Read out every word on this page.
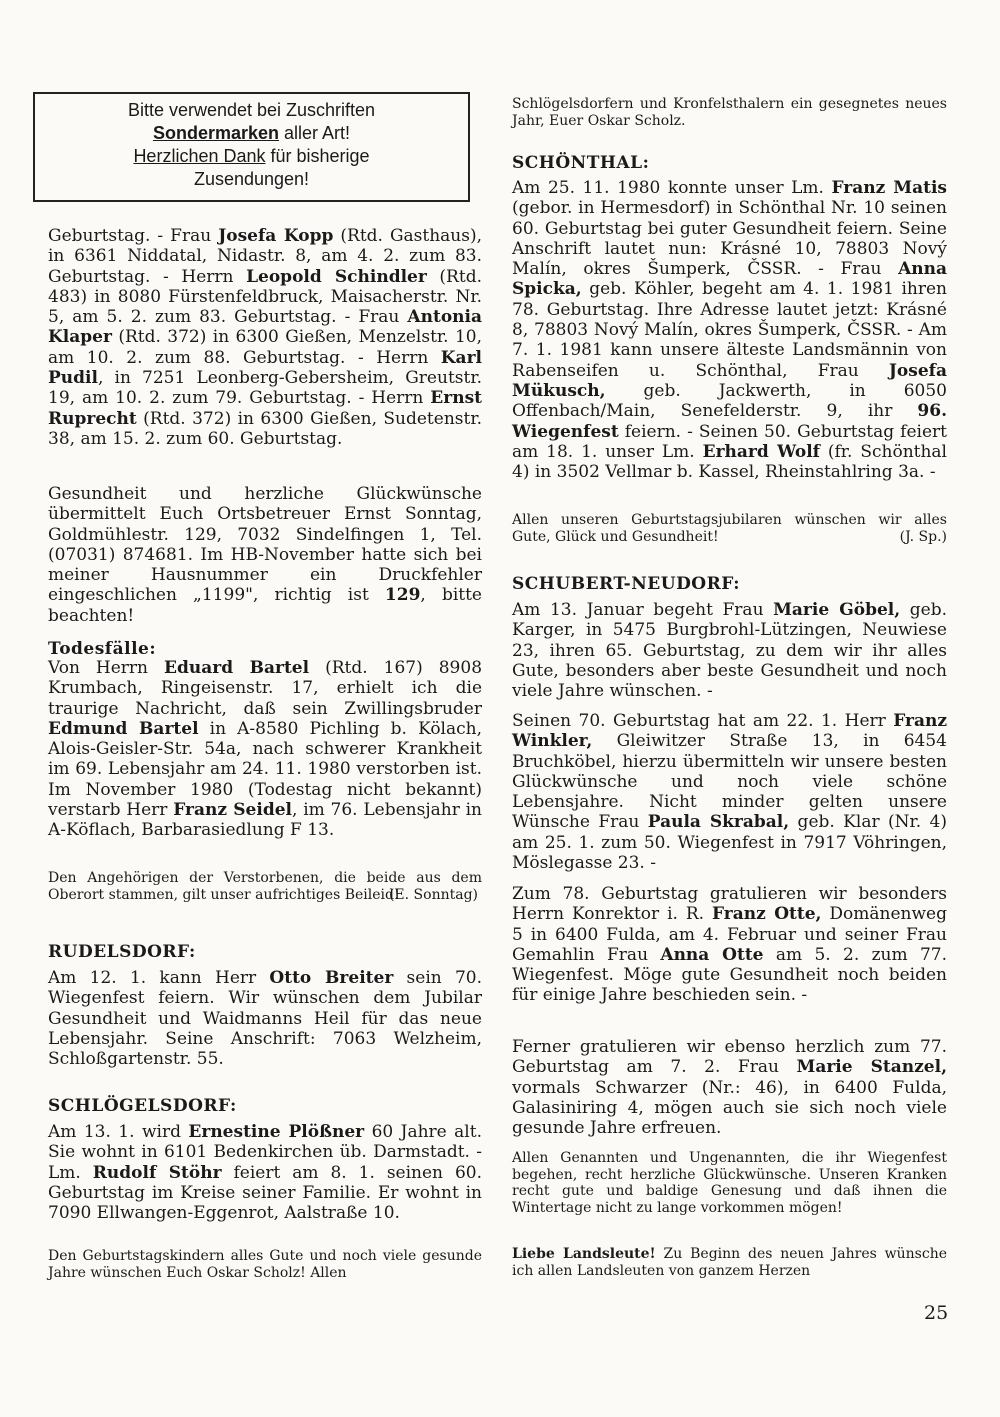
Bitte verwendet bei Zuschriften
Sondermarken aller Art!
Herzlichen Dank für bisherige
Zusendungen!

Geburtstag. - Frau Josefa Kopp (Rtd. Gasthaus), in 6361 Niddatal, Nidastr. 8, am 4. 2. zum 83. Geburtstag. - Herrn Leopold Schindler (Rtd. 483) in 8080 Fürstenfeldbruck, Maisacherstr. Nr. 5, am 5. 2. zum 83. Geburtstag. - Frau Antonia Klaper (Rtd. 372) in 6300 Gießen, Menzelstr. 10, am 10. 2. zum 88. Geburtstag. - Herrn Karl Pudil, in 7251 Leonberg-Gebersheim, Greutstr. 19, am 10. 2. zum 79. Geburtstag. - Herrn Ernst Ruprecht (Rtd. 372) in 6300 Gießen, Sudetenstr. 38, am 15. 2. zum 60. Geburtstag.

Gesundheit und herzliche Glückwünsche übermittelt Euch Ortsbetreuer Ernst Sonntag, Goldmühlestr. 129, 7032 Sindelfingen 1, Tel. (07031) 874681. Im HB-November hatte sich bei meiner Hausnummer ein Druckfehler eingeschlichen „1199", richtig ist 129, bitte beachten!

Todesfälle:

Von Herrn Eduard Bartel (Rtd. 167) 8908 Krumbach, Ringeisenstr. 17, erhielt ich die traurige Nachricht, daß sein Zwillingsbruder Edmund Bartel in A-8580 Pichling b. Kölach, Alois-Geisler-Str. 54a, nach schwerer Krankheit im 69. Lebensjahr am 24. 11. 1980 verstorben ist. Im November 1980 (Todestag nicht bekannt) verstarb Herr Franz Seidel, im 76. Lebensjahr in A-Köflach, Barbarasiedlung F 13.

Den Angehörigen der Verstorbenen, die beide aus dem Oberort stammen, gilt unser aufrichtiges Beileid!

(E. Sonntag)
RUDELSDORF:

Am 12. 1. kann Herr Otto Breiter sein 70. Wiegenfest feiern. Wir wünschen dem Jubilar Gesundheit und Waidmanns Heil für das neue Lebensjahr. Seine Anschrift: 7063 Welzheim, Schloßgartenstr. 55.

SCHLÖGELSDORF:

Am 13. 1. wird Ernestine Plößner 60 Jahre alt. Sie wohnt in 6101 Bedenkirchen üb. Darmstadt. - Lm. Rudolf Stöhr feiert am 8. 1. seinen 60. Geburtstag im Kreise seiner Familie. Er wohnt in 7090 Ellwangen-Eggenrot, Aalstraße 10.

Den Geburtstagskindern alles Gute und noch viele gesunde Jahre wünschen Euch Oskar Scholz! Allen

Schlögelsdorfern und Kronfelsthalern ein gesegnetes neues Jahr, Euer Oskar Scholz.

SCHÖNTHAL:

Am 25. 11. 1980 konnte unser Lm. Franz Matis (gebor. in Hermesdorf) in Schönthal Nr. 10 seinen 60. Geburtstag bei guter Gesundheit feiern. Seine Anschrift lautet nun: Krásné 10, 78803 Nový Malín, okres Šumperk, ČSSR. - Frau Anna Spicka, geb. Köhler, begeht am 4. 1. 1981 ihren 78. Geburtstag. Ihre Adresse lautet jetzt: Krásné 8, 78803 Nový Malín, okres Šumperk, ČSSR. - Am 7. 1. 1981 kann unsere älteste Landsmännin von Rabenseifen u. Schönthal, Frau Josefa Mükusch, geb. Jackwerth, in 6050 Offenbach/Main, Senefelderstr. 9, ihr 96. Wiegenfest feiern. - Seinen 50. Geburtstag feiert am 18. 1. unser Lm. Erhard Wolf (fr. Schönthal 4) in 3502 Vellmar b. Kassel, Rheinstahlring 3a. -

Allen unseren Geburtstagsjubilaren wünschen wir alles Gute, Glück und Gesundheit!	(J. Sp.)
SCHUBERT-NEUDORF:

Am 13. Januar begeht Frau Marie Göbel, geb. Karger, in 5475 Burgbrohl-Lützingen, Neuwiese 23, ihren 65. Geburtstag, zu dem wir ihr alles Gute, besonders aber beste Gesundheit und noch viele Jahre wünschen. -

Seinen 70. Geburtstag hat am 22. 1. Herr Franz Winkler, Gleiwitzer Straße 13, in 6454 Bruchköbel, hierzu übermitteln wir unsere besten Glückwünsche und noch viele schöne Lebensjahre. Nicht minder gelten unsere Wünsche Frau Paula Skrabal, geb. Klar (Nr. 4) am 25. 1. zum 50. Wiegenfest in 7917 Vöhringen, Möslegasse 23. -

Zum 78. Geburtstag gratulieren wir besonders Herrn Konrektor i. R. Franz Otte, Domänenweg 5 in 6400 Fulda, am 4. Februar und seiner Frau Gemahlin Frau Anna Otte am 5. 2. zum 77. Wiegenfest. Möge gute Gesundheit noch beiden für einige Jahre beschieden sein. -

Ferner gratulieren wir ebenso herzlich zum 77. Geburtstag am 7. 2. Frau Marie Stanzel, vormals Schwarzer (Nr.: 46), in 6400 Fulda, Galasiniring 4, mögen auch sie sich noch viele gesunde Jahre erfreuen.

Allen Genannten und Ungenannten, die ihr Wiegenfest begehen, recht herzliche Glückwünsche. Unseren Kranken recht gute und baldige Genesung und daß ihnen die Wintertage nicht zu lange vorkommen mögen!

Liebe Landsleute! Zu Beginn des neuen Jahres wünsche ich allen Landsleuten von ganzem Herzen

25
